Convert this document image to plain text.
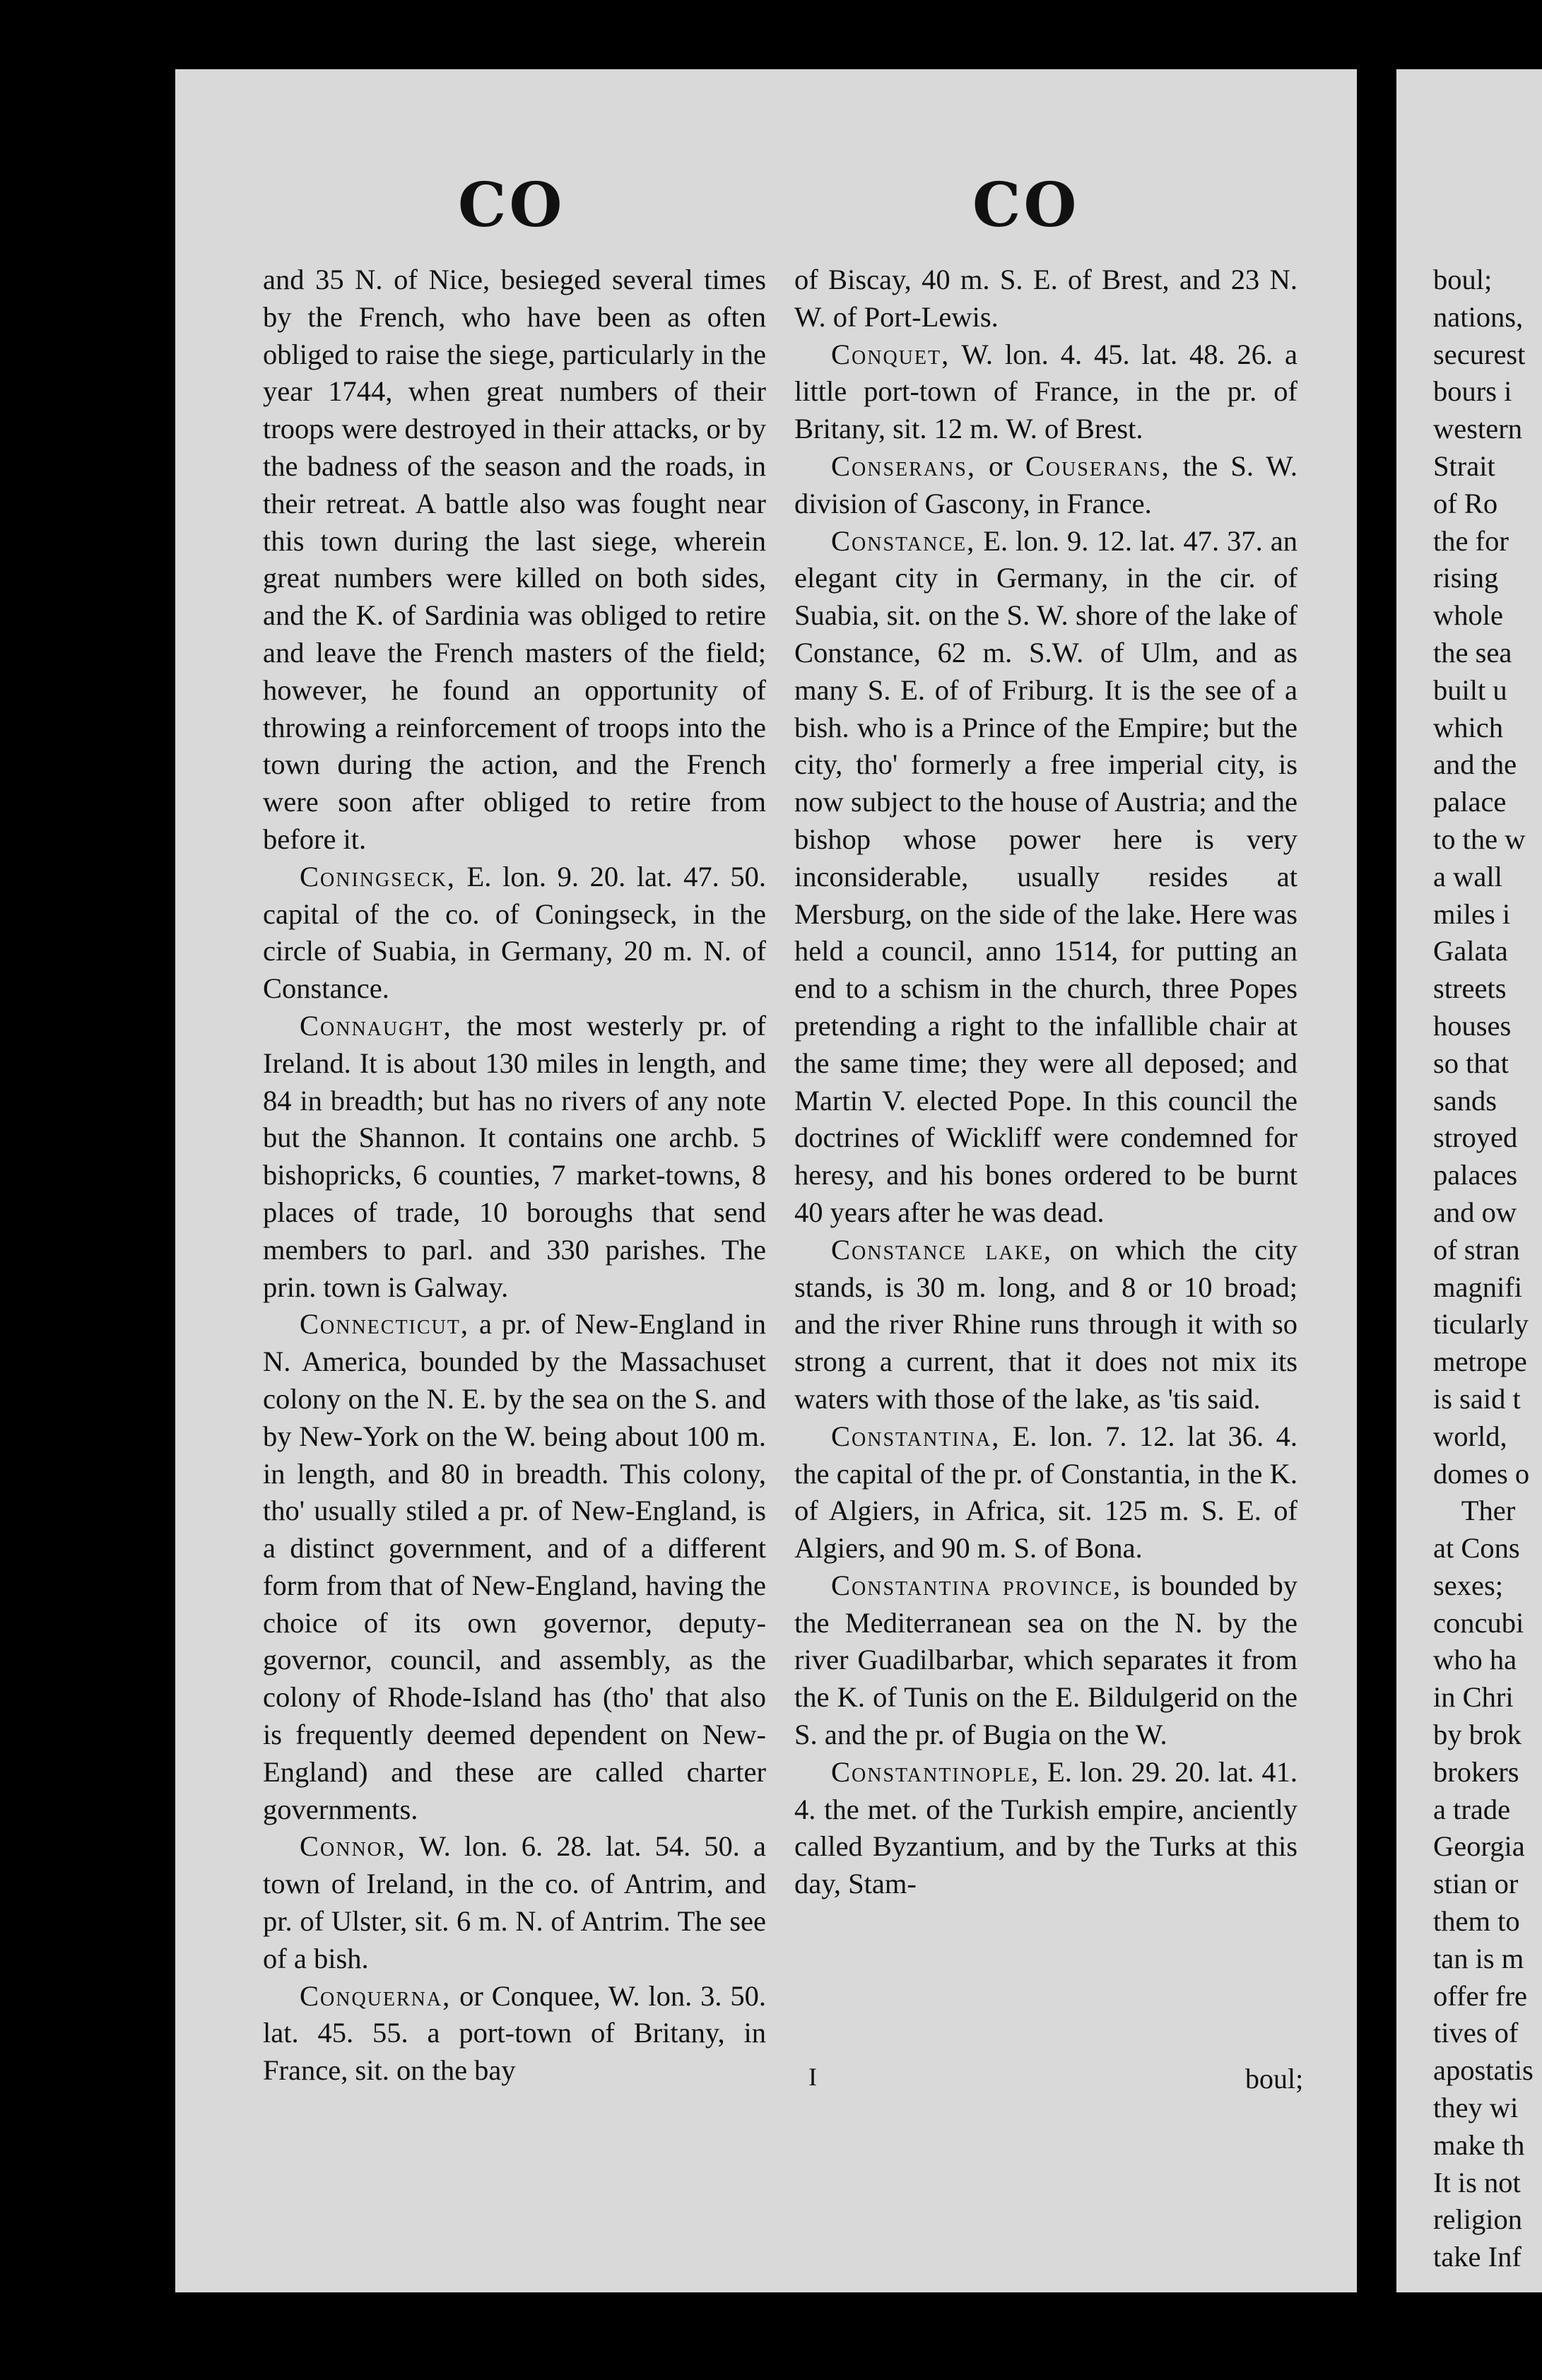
CO	CO

and 35 N. of Nice, besieged several times by the French, who have been as often obliged to raise the siege, particularly in the year 1744, when great numbers of their troops were destroyed in their attacks, or by the badness of the season and the roads, in their retreat. A battle also was fought near this town during the last siege, wherein great numbers were killed on both sides, and the K. of Sardinia was obliged to retire and leave the French masters of the field; however, he found an opportunity of throwing a reinforcement of troops into the town during the action, and the French were soon after obliged to retire from before it.

Coningseck, E. lon. 9. 20. lat. 47. 50. capital of the co. of Coningseck, in the circle of Suabia, in Germany, 20 m. N. of Constance.

Connaught, the most westerly pr. of Ireland. It is about 130 miles in length, and 84 in breadth; but has no rivers of any note but the Shannon. It contains one archb. 5 bishopricks, 6 counties, 7 market-towns, 8 places of trade, 10 boroughs that send members to parl. and 330 parishes. The prin. town is Galway.

Connecticut, a pr. of New-England in N. America, bounded by the Massachuset colony on the N. E. by the sea on the S. and by New-York on the W. being about 100 m. in length, and 80 in breadth. This colony, tho' usually stiled a pr. of New-England, is a distinct government, and of a different form from that of New-England, having the choice of its own governor, deputy-governor, council, and assembly, as the colony of Rhode-Island has (tho' that also is frequently deemed dependent on New-England) and these are called charter governments.

Connor, W. lon. 6. 28. lat. 54. 50. a town of Ireland, in the co. of Antrim, and pr. of Ulster, sit. 6 m. N. of Antrim. The see of a bish.

Conquerna, or Conquee, W. lon. 3. 50. lat. 45. 55. a port-town of Britany, in France, sit. on the bay

of Biscay, 40 m. S. E. of Brest, and 23 N. W. of Port-Lewis.

Conquet, W. lon. 4. 45. lat. 48. 26. a little port-town of France, in the pr. of Britany, sit. 12 m. W. of Brest.

Conserans, or Couserans, the S. W. division of Gascony, in France.

Constance, E. lon. 9. 12. lat. 47. 37. an elegant city in Germany, in the cir. of Suabia, sit. on the S. W. shore of the lake of Constance, 62 m. S.W. of Ulm, and as many S. E. of of Friburg. It is the see of a bish. who is a Prince of the Empire; but the city, tho' formerly a free imperial city, is now subject to the house of Austria; and the bishop whose power here is very inconsiderable, usually resides at Mersburg, on the side of the lake. Here was held a council, anno 1514, for putting an end to a schism in the church, three Popes pretending a right to the infallible chair at the same time; they were all deposed; and Martin V. elected Pope. In this council the doctrines of Wickliff were condemned for heresy, and his bones ordered to be burnt 40 years after he was dead.

Constance lake, on which the city stands, is 30 m. long, and 8 or 10 broad; and the river Rhine runs through it with so strong a current, that it does not mix its waters with those of the lake, as 'tis said.

Constantina, E. lon. 7. 12. lat 36. 4. the capital of the pr. of Constantia, in the K. of Algiers, in Africa, sit. 125 m. S. E. of Algiers, and 90 m. S. of Bona.

Constantina province, is bounded by the Mediterranean sea on the N. by the river Guadilbarbar, which separates it from the K. of Tunis on the E. Bildulgerid on the S. and the pr. of Bugia on the W.

Constantinople, E. lon. 29. 20. lat. 41. 4. the met. of the Turkish empire, anciently called Byzantium, and by the Turks at this day, Stam-

boul;
nations,
securest
bours i
western
Strait
of Ro
the for
rising
whole
the sea
built u
which
and the
palace
to the w
a wall
miles i
Galata
streets
houses
so that
sands
stroyed
palaces
and ow
of stran
magnifi
ticularly
metrope
is said t
world,
domes o
Ther
at Cons
sexes;
concubi
who ha
in Chri
by brok
brokers
a trade
Georgia
stian or
them to
tan is m
offer fre
tives of
apostatis
they wi
make th
It is not
religion
take Inf
I	boul;
